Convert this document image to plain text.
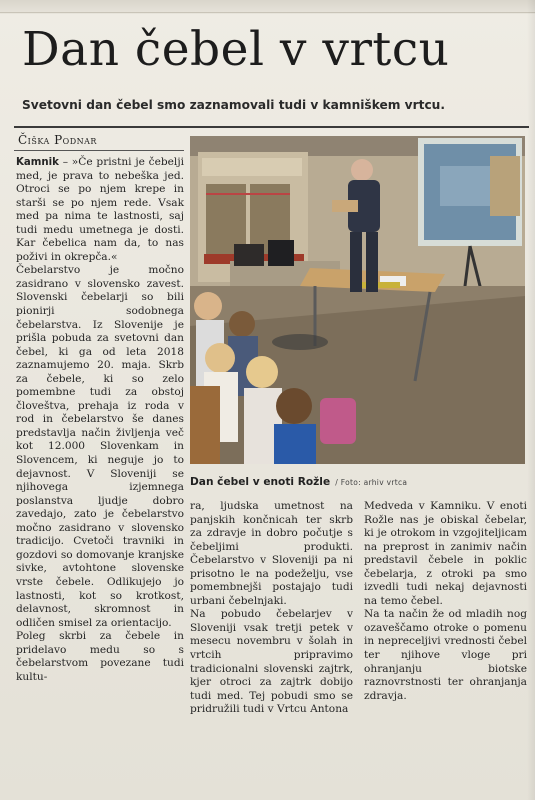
Dan čebel v vrtcu
Svetovni dan čebel smo zaznamovali tudi v kamniškem vrtcu.
Čiška Podnar

Kamnik – »Če pristni je čebelji med, je prava to nebeška jed. Otroci se po njem krepe in starši se po njem rede. Vsak med pa nima te lastnosti, saj tudi medu umetnega je dosti. Kar čebelica nam da, to nas poživi in okrepča.«

Čebelarstvo je močno zasidrano v slovensko zavest. Slovenski čebelarji so bili pionirji sodobnega čebelarstva. Iz Slovenije je prišla pobuda za svetovni dan čebel, ki ga od leta 2018 zaznamujemo 20. maja. Skrb za čebele, ki so zelo pomembne tudi za obstoj človeštva, prehaja iz roda v rod in čebelarstvo še danes predstavlja način življenja več kot 12.000 Slovenkam in Slovencem, ki neguje jo to dejavnost. V Sloveniji se njihovega izjemnega poslanstva ljudje dobro zavedajo, zato je čebelarstvo močno zasidrano v slovensko tradicijo. Cvetoči travniki in gozdovi so domovanje kranjske sivke, avtohtone slovenske vrste čebele. Odlikujejo jo lastnosti, kot so krotkost, delavnost, skromnost in odličen smisel za orientacijo.

Poleg skrbi za čebele in pridelavo medu so s čebelarstvom povezane tudi kultu-

Dan čebel v enoti Rožle / Foto: arhiv vrtca

ra, ljudska umetnost na panjskih končnicah ter skrb za zdravje in dobro počutje s čebeljimi produkti. Čebelarstvo v Sloveniji pa ni prisotno le na podeželju, vse pomembnejši postajajo tudi urbani čebelnjaki.

Na pobudo čebelarjev v Sloveniji vsak tretji petek v mesecu novembru v šolah in vrtcih pripravimo tradicionalni slovenski zajtrk, kjer otroci za zajtrk dobijo tudi med. Tej pobudi smo se pridružili tudi v Vrtcu Antona

Medveda v Kamniku. V enoti Rožle nas je obiskal čebelar, ki je otrokom in vzgojiteljicam na preprost in zanimiv način predstavil čebele in poklic čebelarja, z otroki pa smo izvedli tudi nekaj dejavnosti na temo čebel.

Na ta način že od mladih nog ozaveščamo otroke o pomenu in nepreceljivi vrednosti čebel ter njihove vloge pri ohranjanju biotske raznovrstnosti ter ohranjanja zdravja.
